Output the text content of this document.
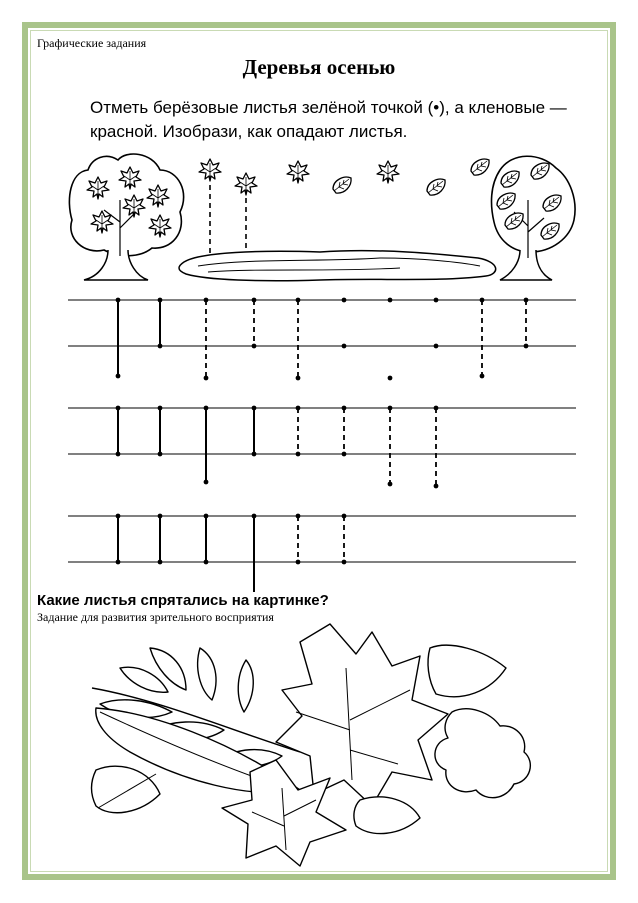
Графические задания
Деревья осенью
Отметь берёзовые листья зелёной точкой (•), а кленовые —
красной. Изобрази, как опадают листья.
Какие листья спрятались на картинке?
Задание для развития зрительного восприятия
